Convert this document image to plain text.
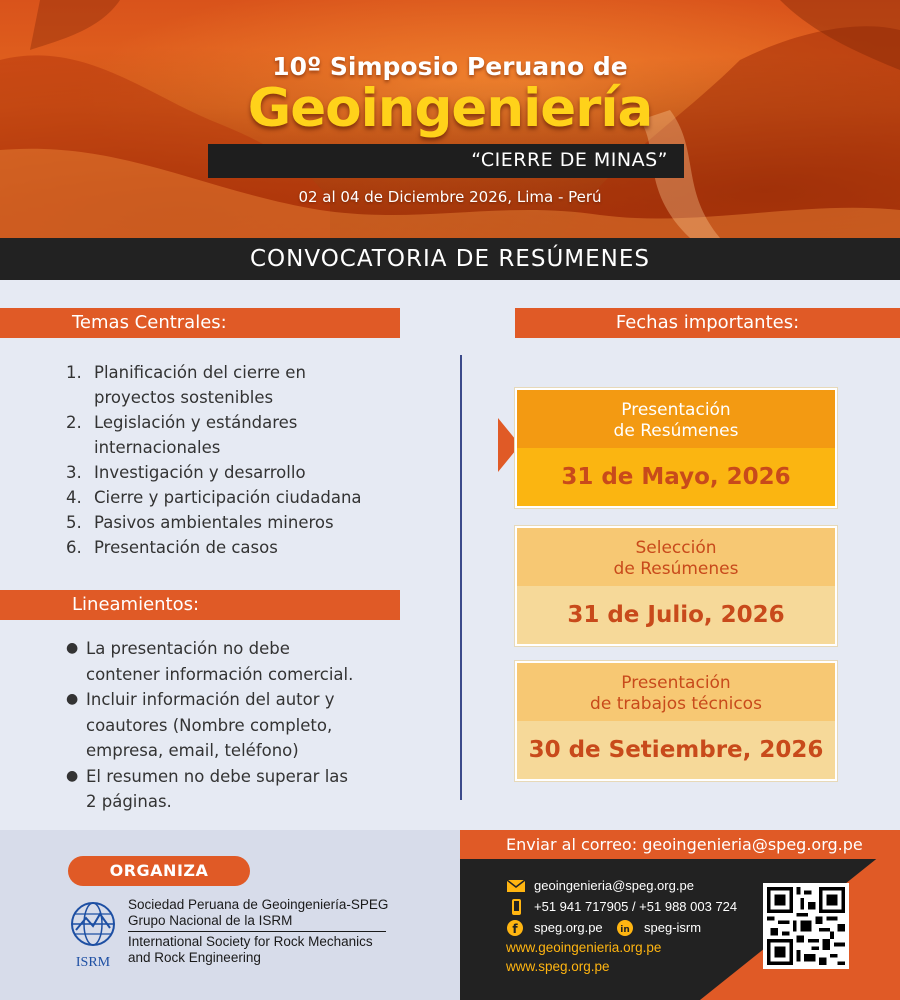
10º Simposio Peruano de
Geoingeniería
“CIERRE DE MINAS”
02 al 04 de Diciembre 2026, Lima - Perú
CONVOCATORIA DE RESÚMENES
Temas Centrales:
1. Planificación del cierre en
proyectos sostenibles
2. Legislación y estándares
internacionales
3. Investigación y desarrollo
4. Cierre y participación ciudadana
5. Pasivos ambientales mineros
6. Presentación de casos
Lineamientos:
● La presentación no debe
contener información comercial.
● Incluir información del autor y
coautores (Nombre completo,
empresa, email, teléfono)
● El resumen no debe superar las
2 páginas.
Fechas importantes:
Presentación
de Resúmenes
31 de Mayo, 2026
Selección
de Resúmenes
31 de Julio, 2026
Presentación
de trabajos técnicos
30 de Setiembre, 2026
ORGANIZA
ISRM
Sociedad Peruana de Geoingeniería-SPEG
Grupo Nacional de la ISRM
International Society for Rock Mechanics
and Rock Engineering
Enviar al correo: geoingenieria@speg.org.pe
geoingenieria@speg.org.pe
+51 941 717905 / +51 988 003 724
f speg.org.pe	in speg-isrm
www.geoingenieria.org.pe
www.speg.org.pe
